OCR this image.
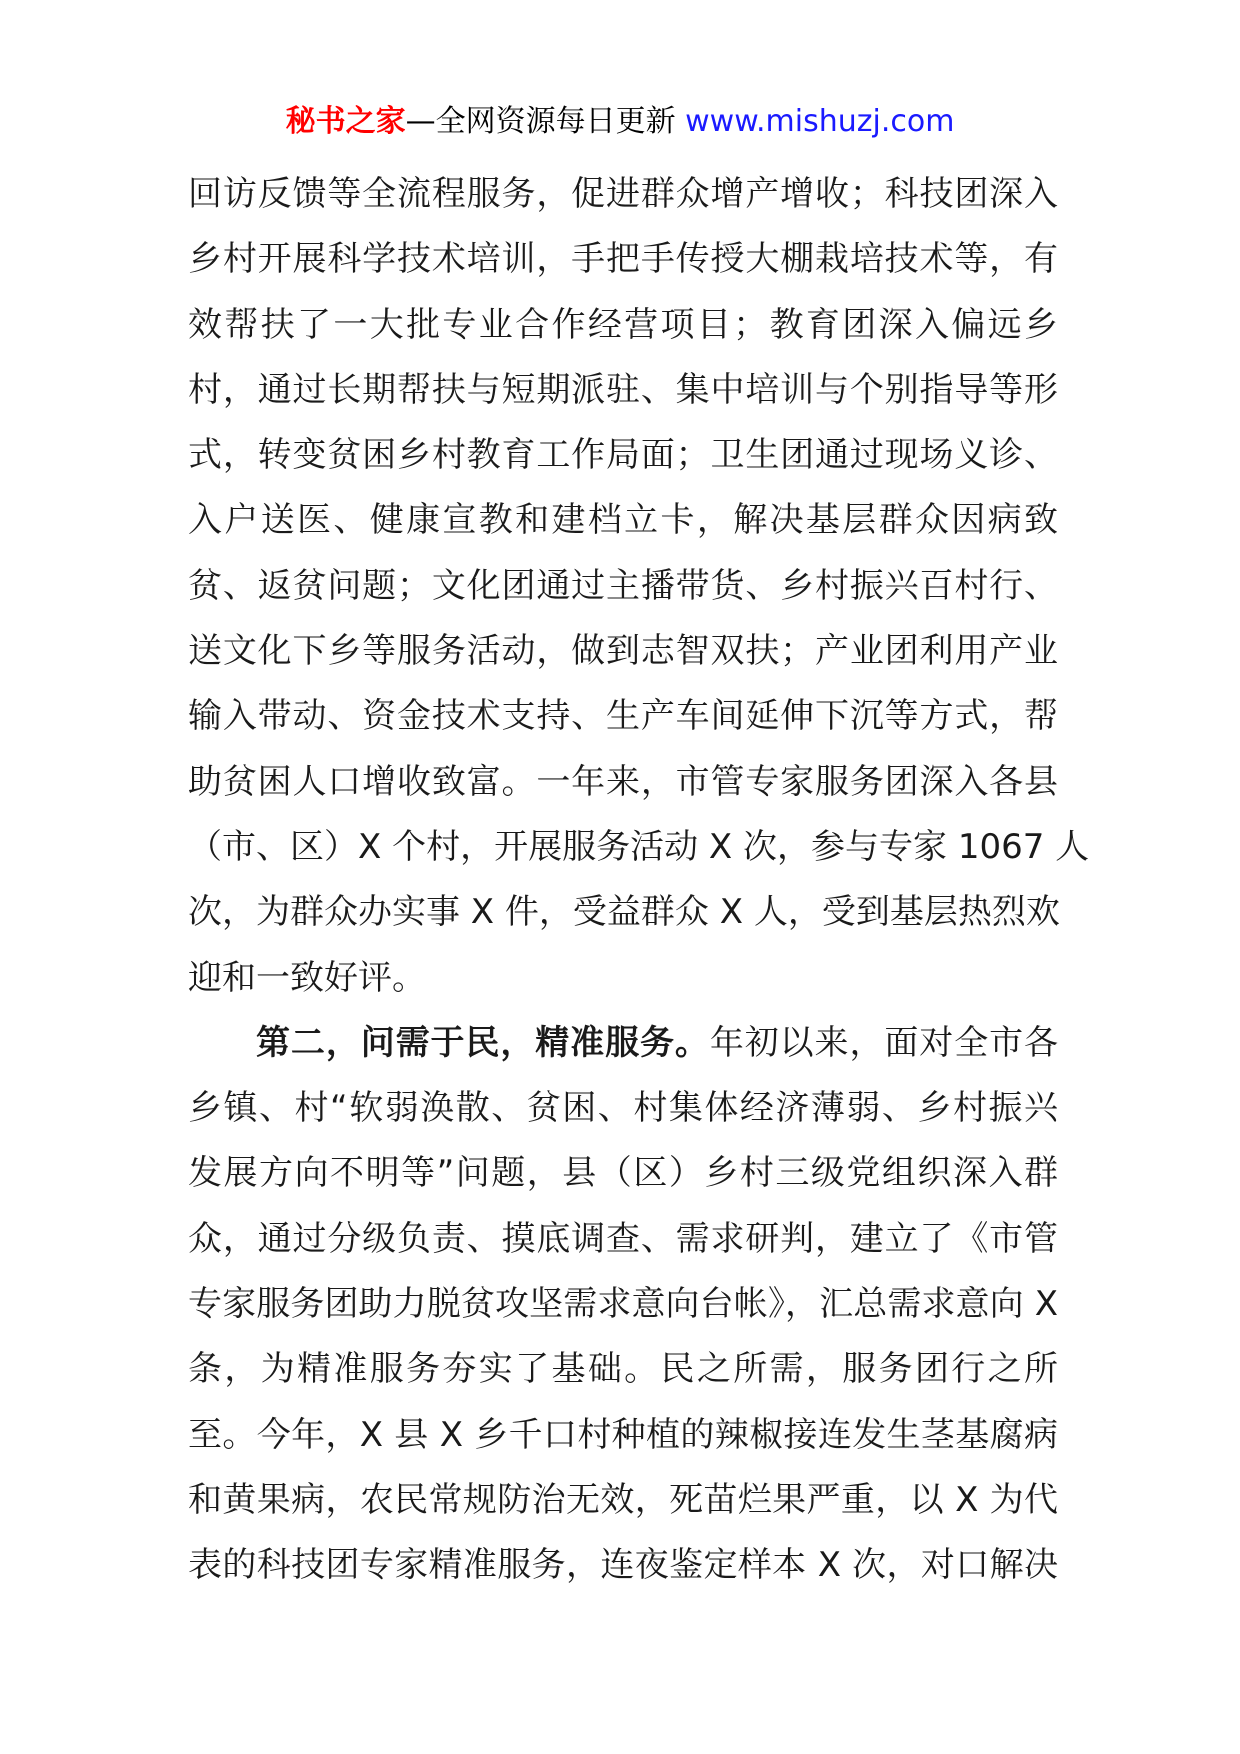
秘书之家—全网资源每日更新 www.mishuzj.com
回访反馈等全流程服务，促进群众增产增收；科技团深入
乡村开展科学技术培训，手把手传授大棚栽培技术等，有
效帮扶了一大批专业合作经营项目；教育团深入偏远乡
村，通过长期帮扶与短期派驻、集中培训与个别指导等形
式，转变贫困乡村教育工作局面；卫生团通过现场义诊、
入户送医、健康宣教和建档立卡，解决基层群众因病致
贫、返贫问题；文化团通过主播带货、乡村振兴百村行、
送文化下乡等服务活动，做到志智双扶；产业团利用产业
输入带动、资金技术支持、生产车间延伸下沉等方式，帮
助贫困人口增收致富。一年来，市管专家服务团深入各县
（市、区）X 个村，开展服务活动 X 次，参与专家 1067 人
次，为群众办实事 X 件，受益群众 X 人，受到基层热烈欢
迎和一致好评。
第二，问需于民，精准服务。年初以来，面对全市各
乡镇、村“软弱涣散、贫困、村集体经济薄弱、乡村振兴
发展方向不明等”问题，县（区）乡村三级党组织深入群
众，通过分级负责、摸底调查、需求研判，建立了《市管
专家服务团助力脱贫攻坚需求意向台帐》，汇总需求意向 X
条，为精准服务夯实了基础。民之所需，服务团行之所
至。今年，X 县 X 乡千口村种植的辣椒接连发生茎基腐病
和黄果病，农民常规防治无效，死苗烂果严重，以 X 为代
表的科技团专家精准服务，连夜鉴定样本 X 次，对口解决
